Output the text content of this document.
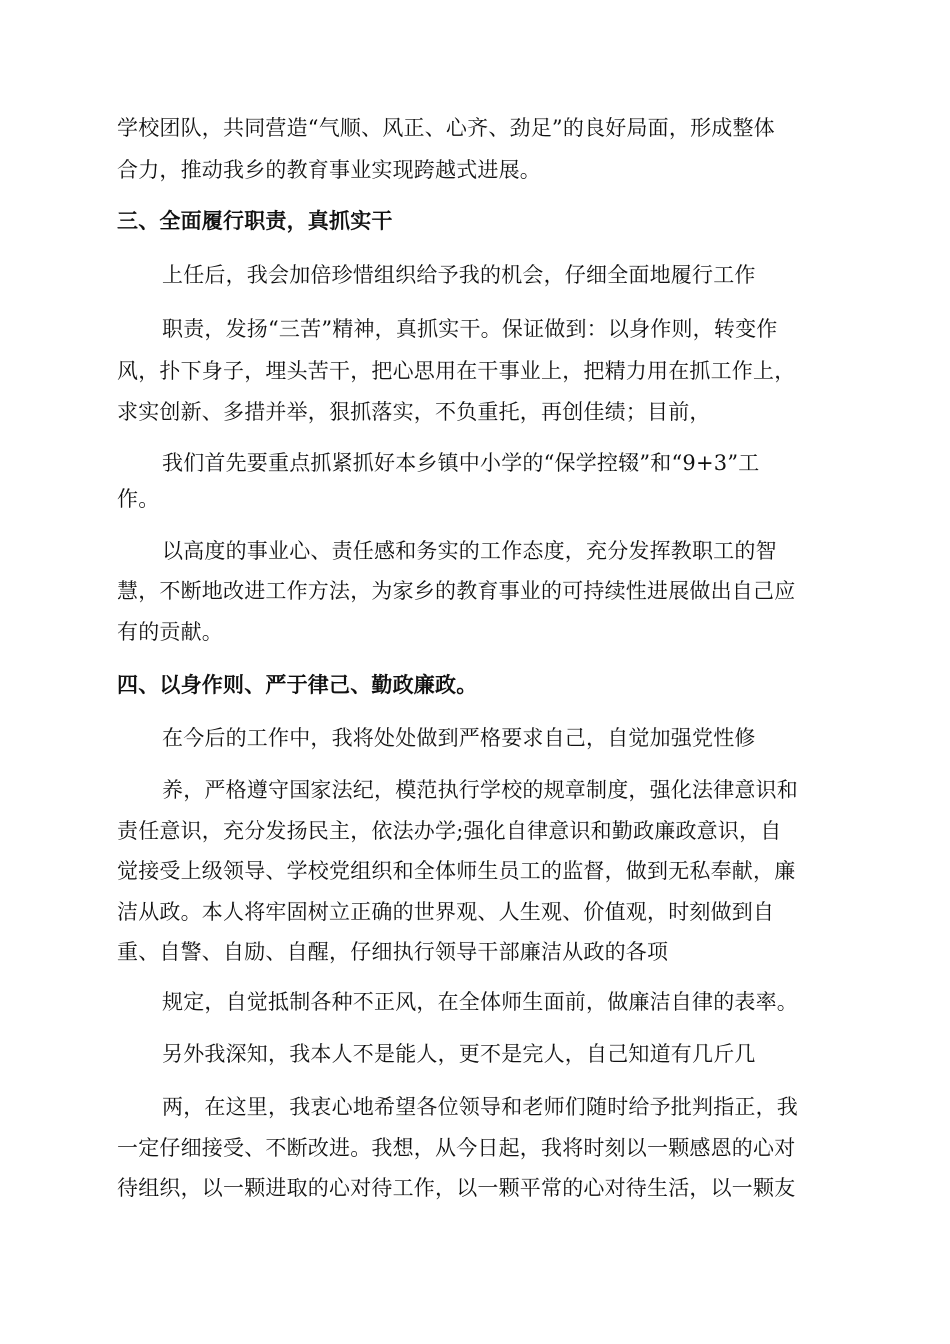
学校团队，共同营造“气顺、风正、心齐、劲足”的良好局面，形成整体

合力，推动我乡的教育事业实现跨越式进展。

三、全面履行职责，真抓实干

上任后，我会加倍珍惜组织给予我的机会，仔细全面地履行工作

职责，发扬“三苦”精神，真抓实干。保证做到：以身作则，转变作

风，扑下身子，埋头苦干，把心思用在干事业上，把精力用在抓工作上，

求实创新、多措并举，狠抓落实，不负重托，再创佳绩；目前，

我们首先要重点抓紧抓好本乡镇中小学的“保学控辍”和“9+3”工

作。

以高度的事业心、责任感和务实的工作态度，充分发挥教职工的智

慧，不断地改进工作方法，为家乡的教育事业的可持续性进展做出自己应

有的贡献。

四、以身作则、严于律己、勤政廉政。

在今后的工作中，我将处处做到严格要求自己，自觉加强党性修

养，严格遵守国家法纪，模范执行学校的规章制度，强化法律意识和

责任意识，充分发扬民主，依法办学;强化自律意识和勤政廉政意识，自

觉接受上级领导、学校党组织和全体师生员工的监督，做到无私奉献，廉

洁从政。本人将牢固树立正确的世界观、人生观、价值观，时刻做到自

重、自警、自励、自醒，仔细执行领导干部廉洁从政的各项

规定，自觉抵制各种不正风，在全体师生面前，做廉洁自律的表率。

另外我深知，我本人不是能人，更不是完人，自己知道有几斤几

两，在这里，我衷心地希望各位领导和老师们随时给予批判指正，我

一定仔细接受、不断改进。我想，从今日起，我将时刻以一颗感恩的心对

待组织，以一颗进取的心对待工作，以一颗平常的心对待生活，以一颗友
